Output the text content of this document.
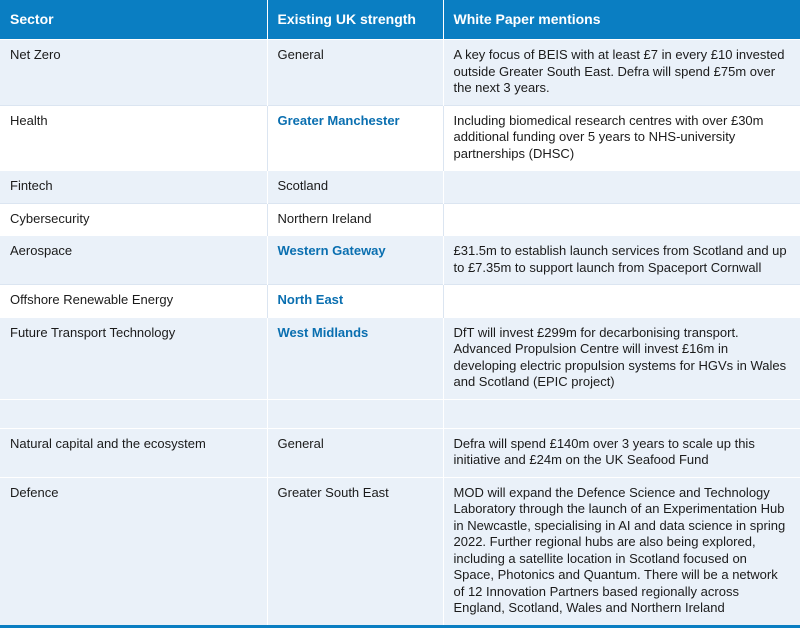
Sector	Existing UK strength	White Paper mentions
Net Zero	General	A key focus of BEIS with at least £7 in every £10 invested outside Greater South East. Defra will spend £75m over the next 3 years.
Health	Greater Manchester	Including biomedical research centres with over £30m additional funding over 5 years to NHS-university partnerships (DHSC)
Fintech	Scotland	
Cybersecurity	Northern Ireland	
Aerospace	Western Gateway	£31.5m to establish launch services from Scotland and up to £7.35m to support launch from Spaceport Cornwall
Offshore Renewable Energy	North East	
Future Transport Technology	West Midlands	DfT will invest £299m for decarbonising transport. Advanced Propulsion Centre will invest £16m in developing electric propulsion systems for HGVs in Wales and Scotland (EPIC project)

Natural capital and the ecosystem	General	Defra will spend £140m over 3 years to scale up this initiative and £24m on the UK Seafood Fund
Defence	Greater South East	MOD will expand the Defence Science and Technology Laboratory through the launch of an Experimentation Hub in Newcastle, specialising in AI and data science in spring 2022. Further regional hubs are also being explored, including a satellite location in Scotland focused on Space, Photonics and Quantum. There will be a network of 12 Innovation Partners based regionally across England, Scotland, Wales and Northern Ireland
